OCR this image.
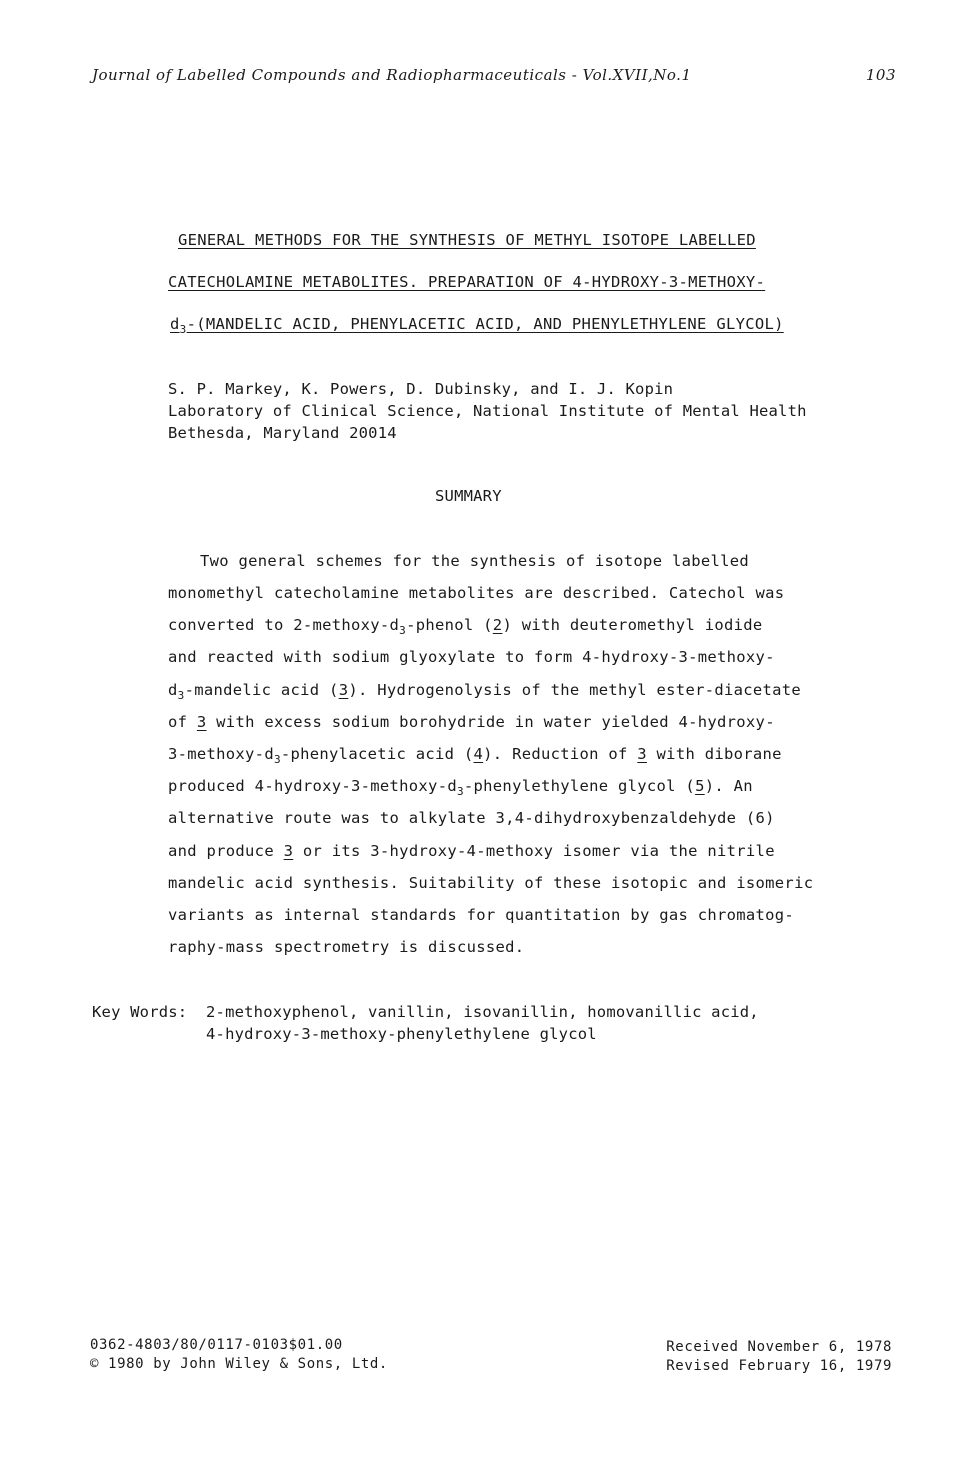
Journal of Labelled Compounds and Radiopharmaceuticals - Vol.XVII,No.1	103
GENERAL METHODS FOR THE SYNTHESIS OF METHYL ISOTOPE LABELLED
CATECHOLAMINE METABOLITES. PREPARATION OF 4-HYDROXY-3-METHOXY-
$d_3-(MANDELIC$ ACID, PHENYLACETIC ACID, AND PHENYLETHYLENE GLYCOL)
S. P. Markey, K. Powers, D. Dubinsky, and I. J. Kopin
Laboratory of Clinical Science, National Institute of Mental Health
Bethesda, Maryland 20014
SUMMARY
Two general schemes for the synthesis of isotope labelled
monomethyl catecholamine metabolites are described. Catechol was
converted to $2-methoxy-d_3$-phenol (2) with deuteromethyl iodide
and reacted with sodium glyoxylate to form 4-hydroxy-3-methoxy-
$d_3$-mandelic acid (3). Hydrogenolysis of the methyl ester-diacetate
of 3 with excess sodium borohydride in water yielded 4-hydroxy-
$3-methoxy-d_3$-phenylacetic acid (4). Reduction of 3 with diborane
produced $4-hydroxy-3-methoxy-d_3$-phenylethylene glycol (5). An
alternative route was to alkylate 3,4-dihydroxybenzaldehyde (6)
and produce 3 or its 3-hydroxy-4-methoxy isomer via the nitrile
mandelic acid synthesis. Suitability of these isotopic and isomeric
variants as internal standards for quantitation by gas chromatog-
raphy-mass spectrometry is discussed.
Key Words: 2-methoxyphenol, vanillin, isovanillin, homovanillic acid,
4-hydroxy-3-methoxy-phenylethylene glycol
0362-4803/80/0117-0103$01.00
© 1980 by John Wiley & Sons, Ltd.
Received November 6, 1978
Revised February 16, 1979
